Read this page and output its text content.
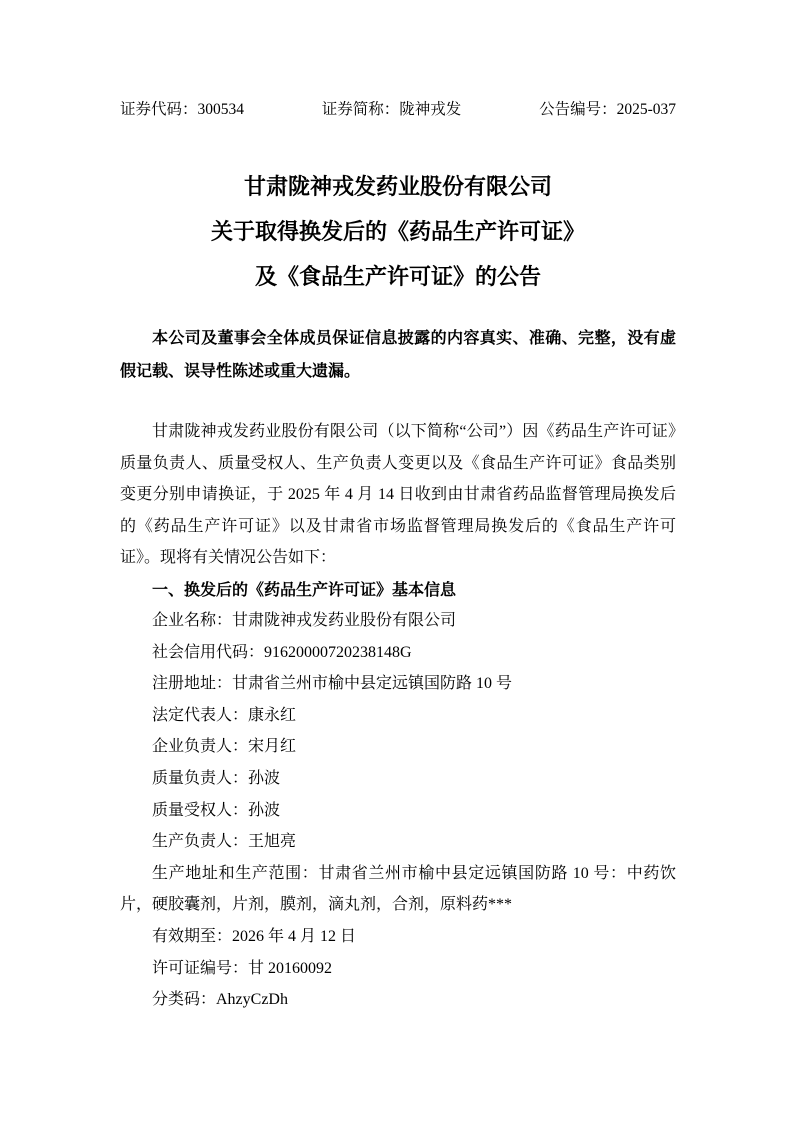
证券代码：300534	证券简称：陇神戎发	公告编号：2025-037
甘肃陇神戎发药业股份有限公司
关于取得换发后的《药品生产许可证》
及《食品生产许可证》的公告

本公司及董事会全体成员保证信息披露的内容真实、准确、完整，没有虚假记载、误导性陈述或重大遗漏。

甘肃陇神戎发药业股份有限公司（以下简称“公司”）因《药品生产许可证》质量负责人、质量受权人、生产负责人变更以及《食品生产许可证》食品类别变更分别申请换证，于 2025 年 4 月 14 日收到由甘肃省药品监督管理局换发后的《药品生产许可证》以及甘肃省市场监督管理局换发后的《食品生产许可证》。现将有关情况公告如下：

一、换发后的《药品生产许可证》基本信息

企业名称：甘肃陇神戎发药业股份有限公司

社会信用代码：91620000720238148G

注册地址：甘肃省兰州市榆中县定远镇国防路 10 号

法定代表人：康永红

企业负责人：宋月红

质量负责人：孙波

质量受权人：孙波

生产负责人：王旭亮

生产地址和生产范围：甘肃省兰州市榆中县定远镇国防路 10 号：中药饮片，硬胶囊剂，片剂，膜剂，滴丸剂，合剂，原料药***

有效期至：2026 年 4 月 12 日

许可证编号：甘 20160092

分类码：AhzyCzDh
